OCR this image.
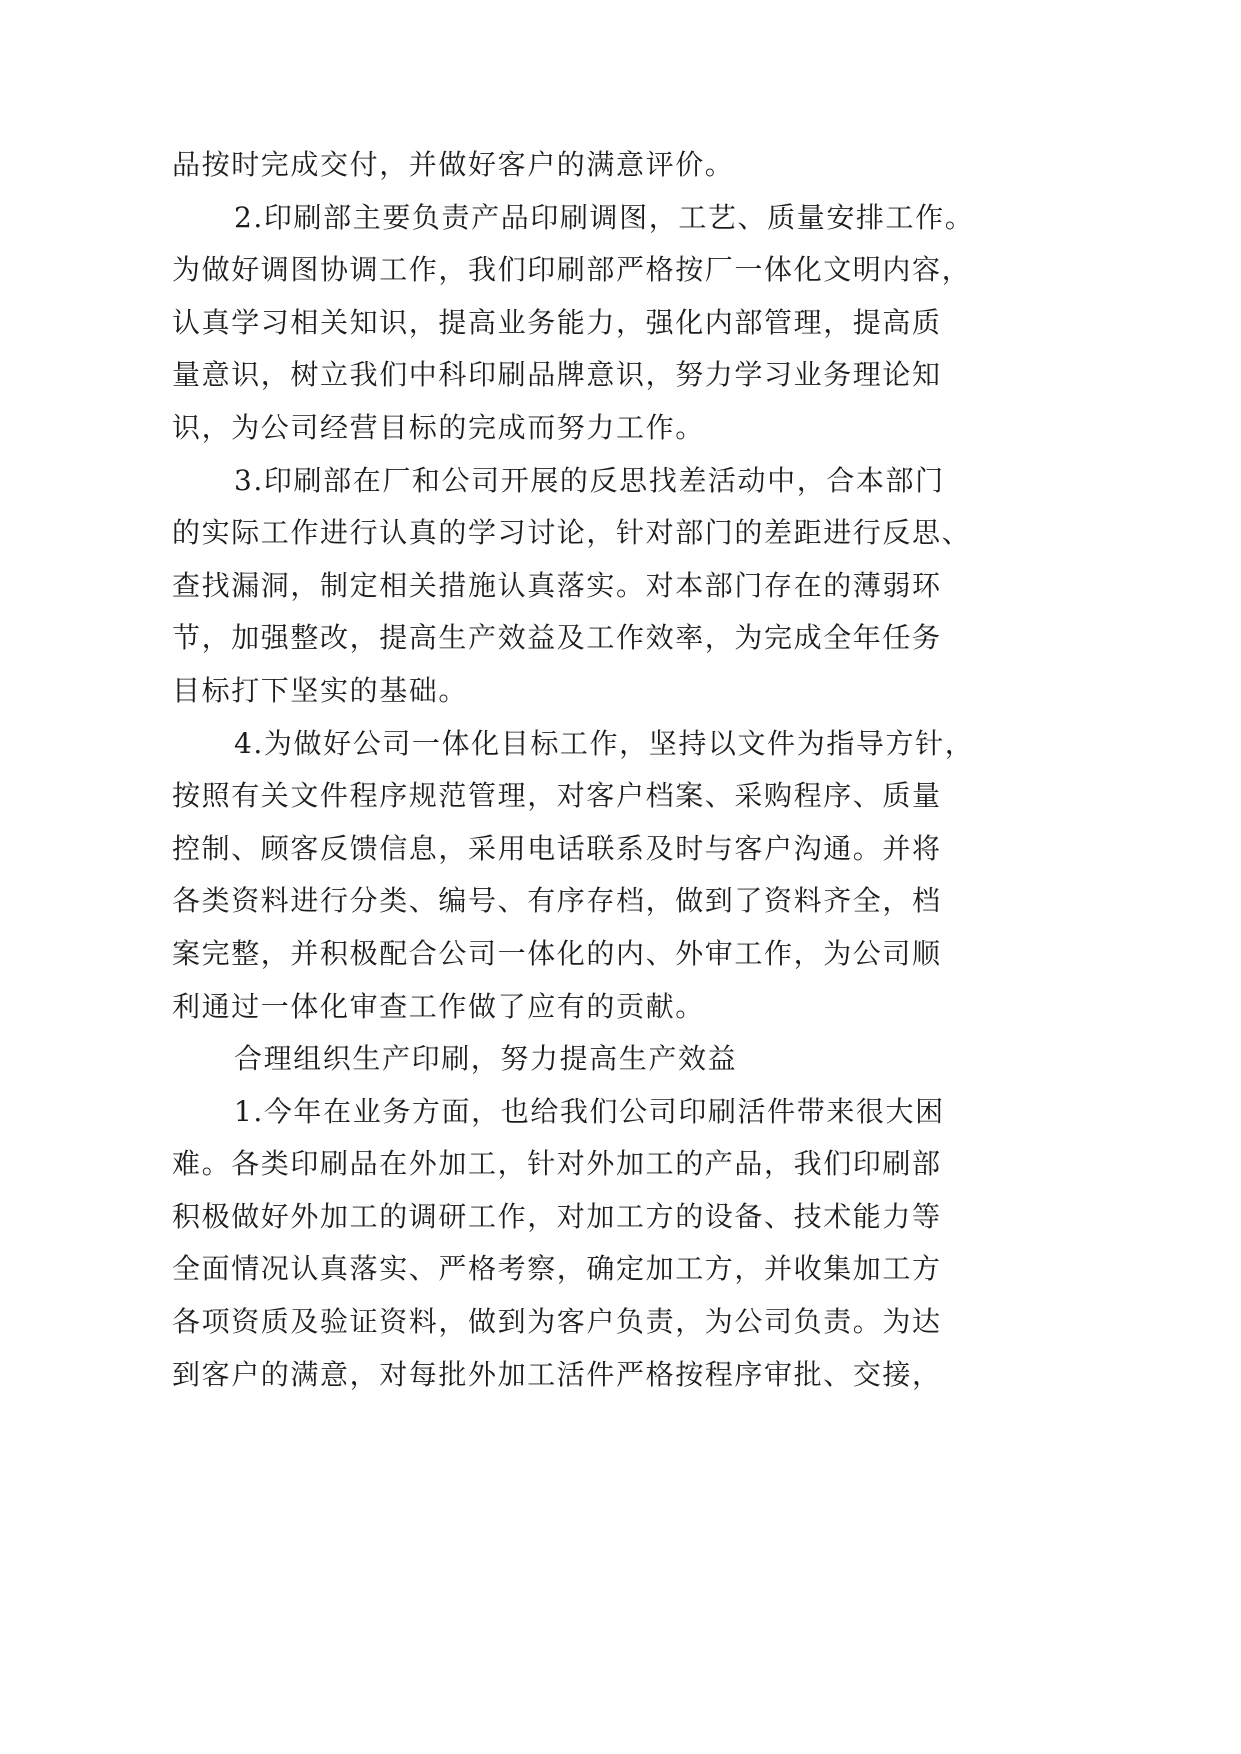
品按时完成交付，并做好客户的满意评价。
2.印刷部主要负责产品印刷调图，工艺、质量安排工作。
为做好调图协调工作，我们印刷部严格按厂一体化文明内容，
认真学习相关知识，提高业务能力，强化内部管理，提高质
量意识，树立我们中科印刷品牌意识，努力学习业务理论知
识，为公司经营目标的完成而努力工作。
3.印刷部在厂和公司开展的反思找差活动中，合本部门
的实际工作进行认真的学习讨论，针对部门的差距进行反思、
查找漏洞，制定相关措施认真落实。对本部门存在的薄弱环
节，加强整改，提高生产效益及工作效率，为完成全年任务
目标打下坚实的基础。
4.为做好公司一体化目标工作，坚持以文件为指导方针，
按照有关文件程序规范管理，对客户档案、采购程序、质量
控制、顾客反馈信息，采用电话联系及时与客户沟通。并将
各类资料进行分类、编号、有序存档，做到了资料齐全，档
案完整，并积极配合公司一体化的内、外审工作，为公司顺
利通过一体化审查工作做了应有的贡献。
合理组织生产印刷，努力提高生产效益
1.今年在业务方面，也给我们公司印刷活件带来很大困
难。各类印刷品在外加工，针对外加工的产品，我们印刷部
积极做好外加工的调研工作，对加工方的设备、技术能力等
全面情况认真落实、严格考察，确定加工方，并收集加工方
各项资质及验证资料，做到为客户负责，为公司负责。为达
到客户的满意，对每批外加工活件严格按程序审批、交接，
